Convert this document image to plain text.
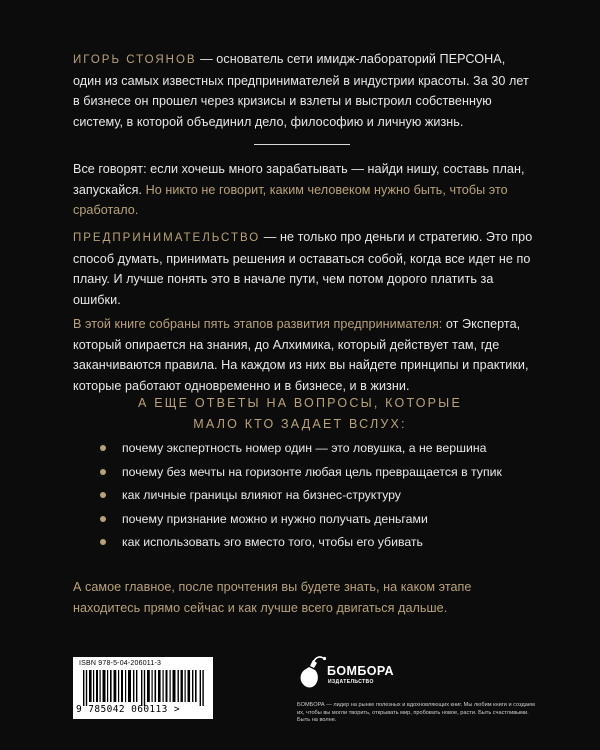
ИГОРЬ СТОЯНОВ — основатель сети имидж-лабораторий ПЕРСОНА, один из самых известных предпринимателей в индустрии красоты. За 30 лет в бизнесе он прошел через кризисы и взлеты и выстроил собственную систему, в которой объединил дело, философию и личную жизнь.
Все говорят: если хочешь много зарабатывать — найди нишу, составь план, запускайся. Но никто не говорит, каким человеком нужно быть, чтобы это сработало.
ПРЕДПРИНИМАТЕЛЬСТВО — не только про деньги и стратегию. Это про способ думать, принимать решения и оставаться собой, когда все идет не по плану. И лучше понять это в начале пути, чем потом дорого платить за ошибки.
В этой книге собраны пять этапов развития предпринимателя: от Эксперта, который опирается на знания, до Алхимика, который действует там, где заканчиваются правила. На каждом из них вы найдете принципы и практики, которые работают одновременно и в бизнесе, и в жизни.
А ЕЩЕ ОТВЕТЫ НА ВОПРОСЫ, КОТОРЫЕ МАЛО КТО ЗАДАЕТ ВСЛУХ:
почему экспертность номер один — это ловушка, а не вершина
почему без мечты на горизонте любая цель превращается в тупик
как личные границы влияют на бизнес-структуру
почему признание можно и нужно получать деньгами
как использовать эго вместо того, чтобы его убивать
А самое главное, после прочтения вы будете знать, на каком этапе находитесь прямо сейчас и как лучше всего двигаться дальше.
ISBN 978-5-04-206011-3
9 785042 060113 >
БОМБОРА
ИЗДАТЕЛЬСТВО
БОМБОРА — лидер на рынке полезных и вдохновляющих книг. Мы любим книги и создаем их, чтобы вы могли творить, открывать мир, пробовать новое, расти. Быть счастливыми. Быть на волне.
